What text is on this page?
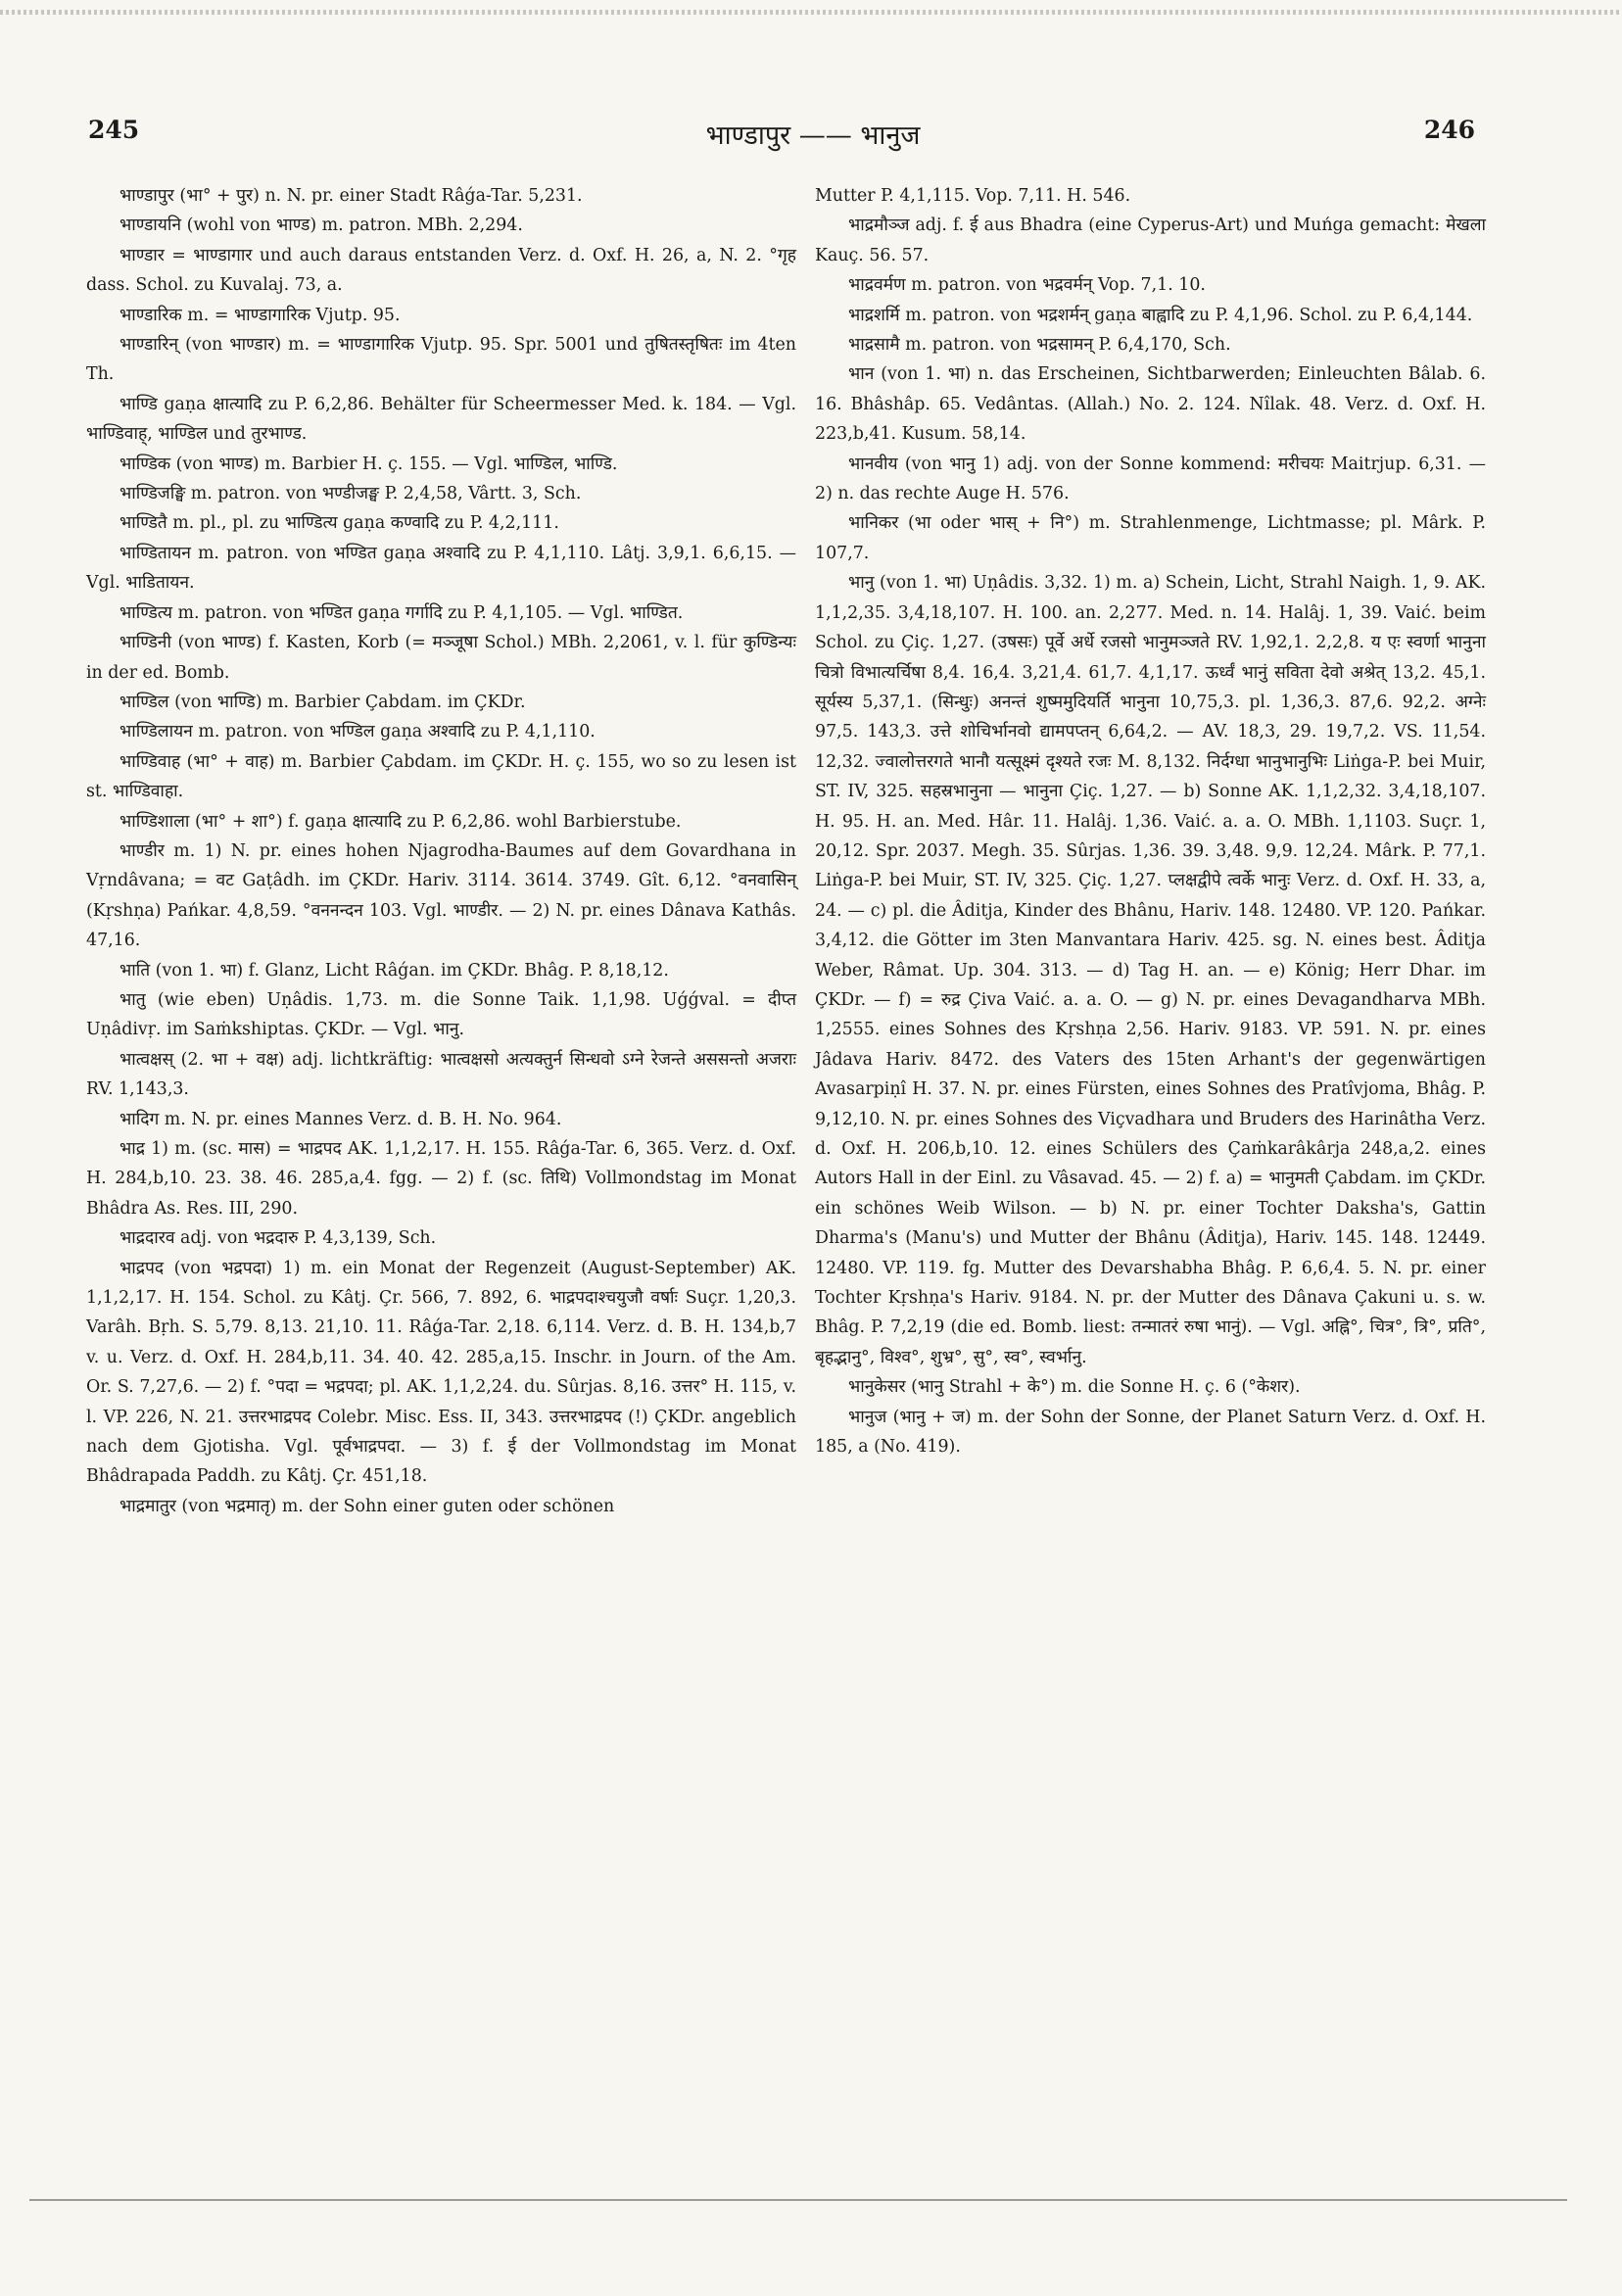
245	भाण्डापुर —— भानुज	246

भाण्डापुर (भा° + पुर) n. N. pr. einer Stadt Râǵa-Tar. 5,231.

भाण्डायनि (wohl von भाण्ड) m. patron. MBh. 2,294.

भाण्डार = भाण्डागार und auch daraus entstanden Verz. d. Oxf. H. 26, a, N. 2. °गृह dass. Schol. zu Kuvalaj. 73, a.

भाण्डारिक m. = भाण्डागारिक Vjutp. 95.

भाण्डारिन् (von भाण्डार) m. = भाण्डागारिक Vjutp. 95. Spr. 5001 und तुषितस्तृषितः im 4ten Th.

भाण्डि gaṇa क्षात्यादि zu P. 6,2,86. Behälter für Scheermesser Med. k. 184. — Vgl. भाण्डिवाह्, भाण्डिल und तुरभाण्ड.

भाण्डिक (von भाण्ड) m. Barbier H. ç. 155. — Vgl. भाण्डिल, भाण्डि.

भाण्डिजङ्घि m. patron. von भण्डीजङ्घ P. 2,4,58, Vârtt. 3, Sch.

भाण्डितै m. pl., pl. zu भाण्डित्य gaṇa कण्वादि zu P. 4,2,111.

भाण्डितायन m. patron. von भण्डित gaṇa अश्वादि zu P. 4,1,110. Lâtj. 3,9,1. 6,6,15. — Vgl. भाडितायन.

भाण्डित्य m. patron. von भण्डित gaṇa गर्गादि zu P. 4,1,105. — Vgl. भाण्डित.

भाण्डिनी (von भाण्ड) f. Kasten, Korb (= मञ्जूषा Schol.) MBh. 2,2061, v. l. für कुण्डिन्यः in der ed. Bomb.

भाण्डिल (von भाण्डि) m. Barbier Çabdam. im ÇKDr.

भाण्डिलायन m. patron. von भण्डिल gaṇa अश्वादि zu P. 4,1,110.

भाण्डिवाह (भा° + वाह) m. Barbier Çabdam. im ÇKDr. H. ç. 155, wo so zu lesen ist st. भाण्डिवाहा.

भाण्डिशाला (भा° + शा°) f. gaṇa क्षात्यादि zu P. 6,2,86. wohl Barbierstube.

भाण्डीर m. 1) N. pr. eines hohen Njagrodha-Baumes auf dem Govardhana in Vṛndâvana; = वट Gaṭâdh. im ÇKDr. Hariv. 3114. 3614. 3749. Gît. 6,12. °वनवासिन् (Kṛshṇa) Pańkar. 4,8,59. °वननन्दन 103. Vgl. भाण्डीर. — 2) N. pr. eines Dânava Kathâs. 47,16.

भाति (von 1. भा) f. Glanz, Licht Râǵan. im ÇKDr. Bhâg. P. 8,18,12.

भातु (wie eben) Uṇâdis. 1,73. m. die Sonne Taik. 1,1,98. Uǵǵval. = दीप्त Uṇâdivṛ. im Saṁkshiptas. ÇKDr. — Vgl. भानु.

भात्वक्षस् (2. भा + वक्ष) adj. lichtkräftig: भात्वक्षसो अत्यक्तुर्न सिन्धवो ऽग्ने रेजन्ते अससन्तो अजराः RV. 1,143,3.

भादिग m. N. pr. eines Mannes Verz. d. B. H. No. 964.

भाद्र 1) m. (sc. मास) = भाद्रपद AK. 1,1,2,17. H. 155. Râǵa-Tar. 6, 365. Verz. d. Oxf. H. 284,b,10. 23. 38. 46. 285,a,4. fgg. — 2) f. (sc. तिथि) Vollmondstag im Monat Bhâdra As. Res. III, 290.

भाद्रदारव adj. von भद्रदारु P. 4,3,139, Sch.

भाद्रपद (von भद्रपदा) 1) m. ein Monat der Regenzeit (August-September) AK. 1,1,2,17. H. 154. Schol. zu Kâtj. Çr. 566, 7. 892, 6. भाद्रपदाश्चयुजौ वर्षाः Suçr. 1,20,3. Varâh. Bṛh. S. 5,79. 8,13. 21,10. 11. Râǵa-Tar. 2,18. 6,114. Verz. d. B. H. 134,b,7 v. u. Verz. d. Oxf. H. 284,b,11. 34. 40. 42. 285,a,15. Inschr. in Journ. of the Am. Or. S. 7,27,6. — 2) f. °पदा = भद्रपदा; pl. AK. 1,1,2,24. du. Sûrjas. 8,16. उत्तर° H. 115, v. l. VP. 226, N. 21. उत्तरभाद्रपद Colebr. Misc. Ess. II, 343. उत्तरभाद्रपद (!) ÇKDr. angeblich nach dem Gjotisha. Vgl. पूर्वभाद्रपदा. — 3) f. ई der Vollmondstag im Monat Bhâdrapada Paddh. zu Kâtj. Çr. 451,18.

भाद्रमातुर (von भद्रमातृ) m. der Sohn einer guten oder schönen

Mutter P. 4,1,115. Vop. 7,11. H. 546.

भाद्रमौञ्ज adj. f. ई aus Bhadra (eine Cyperus-Art) und Muńga gemacht: मेखला Kauç. 56. 57.

भाद्रवर्मण m. patron. von भद्रवर्मन् Vop. 7,1. 10.

भाद्रशर्मि m. patron. von भद्रशर्मन् gaṇa बाह्वादि zu P. 4,1,96. Schol. zu P. 6,4,144.

भाद्रसामै m. patron. von भद्रसामन् P. 6,4,170, Sch.

भान (von 1. भा) n. das Erscheinen, Sichtbarwerden; Einleuchten Bâlab. 6. 16. Bhâshâp. 65. Vedântas. (Allah.) No. 2. 124. Nîlak. 48. Verz. d. Oxf. H. 223,b,41. Kusum. 58,14.

भानवीय (von भानु 1) adj. von der Sonne kommend: मरीचयः Maitrjup. 6,31. — 2) n. das rechte Auge H. 576.

भानिकर (भा oder भास् + नि°) m. Strahlenmenge, Lichtmasse; pl. Mârk. P. 107,7.

भानु (von 1. भा) Uṇâdis. 3,32. 1) m. a) Schein, Licht, Strahl Naigh. 1, 9. AK. 1,1,2,35. 3,4,18,107. H. 100. an. 2,277. Med. n. 14. Halâj. 1, 39. Vaić. beim Schol. zu Çiç. 1,27. (उषसः) पूर्वे अर्धे रजसो भानुमञ्जते RV. 1,92,1. 2,2,8. य एः स्वर्णा भानुना चित्रो विभात्यर्चिषा 8,4. 16,4. 3,21,4. 61,7. 4,1,17. ऊर्ध्वं भानुं सविता देवो अश्रेत् 13,2. 45,1. सूर्यस्य 5,37,1. (सिन्धुः) अनन्तं शुष्ममुदियर्ति भानुना 10,75,3. pl. 1,36,3. 87,6. 92,2. अग्नेः 97,5. 143,3. उत्ते शोचिर्भानवो द्यामपप्तन् 6,64,2. — AV. 18,3, 29. 19,7,2. VS. 11,54. 12,32. ज्वालोत्तरगते भानौ यत्सूक्ष्मं दृश्यते रजः M. 8,132. निर्दग्धा भानुभानुभिः Liṅga-P. bei Muir, ST. IV, 325. सहस्रभानुना — भानुना Çiç. 1,27. — b) Sonne AK. 1,1,2,32. 3,4,18,107. H. 95. H. an. Med. Hâr. 11. Halâj. 1,36. Vaić. a. a. O. MBh. 1,1103. Suçr. 1, 20,12. Spr. 2037. Megh. 35. Sûrjas. 1,36. 39. 3,48. 9,9. 12,24. Mârk. P. 77,1. Liṅga-P. bei Muir, ST. IV, 325. Çiç. 1,27. प्लक्षद्वीपे त्वर्के भानुः Verz. d. Oxf. H. 33, a, 24. — c) pl. die Âditja, Kinder des Bhânu, Hariv. 148. 12480. VP. 120. Pańkar. 3,4,12. die Götter im 3ten Manvantara Hariv. 425. sg. N. eines best. Âditja Weber, Râmat. Up. 304. 313. — d) Tag H. an. — e) König; Herr Dhar. im ÇKDr. — f) = रुद्र Çiva Vaić. a. a. O. — g) N. pr. eines Devagandharva MBh. 1,2555. eines Sohnes des Kṛshṇa 2,56. Hariv. 9183. VP. 591. N. pr. eines Jâdava Hariv. 8472. des Vaters des 15ten Arhant's der gegenwärtigen Avasarpiṇî H. 37. N. pr. eines Fürsten, eines Sohnes des Pratîvjoma, Bhâg. P. 9,12,10. N. pr. eines Sohnes des Viçvadhara und Bruders des Harinâtha Verz. d. Oxf. H. 206,b,10. 12. eines Schülers des Çaṁkarâkârja 248,a,2. eines Autors Hall in der Einl. zu Vâsavad. 45. — 2) f. a) = भानुमती Çabdam. im ÇKDr. ein schönes Weib Wilson. — b) N. pr. einer Tochter Daksha's, Gattin Dharma's (Manu's) und Mutter der Bhânu (Âditja), Hariv. 145. 148. 12449. 12480. VP. 119. fg. Mutter des Devarshabha Bhâg. P. 6,6,4. 5. N. pr. einer Tochter Kṛshṇa's Hariv. 9184. N. pr. der Mutter des Dânava Çakuni u. s. w. Bhâg. P. 7,2,19 (die ed. Bomb. liest: तन्मातरं रुषा भानुं). — Vgl. अह्नि°, चित्र°, त्रि°, प्रति°, बृहद्भानु°, विश्व°, शुभ्र°, सु°, स्व°, स्वर्भानु.

भानुकेसर (भानु Strahl + के°) m. die Sonne H. ç. 6 (°केशर).

भानुज (भानु + ज) m. der Sohn der Sonne, der Planet Saturn Verz. d. Oxf. H. 185, a (No. 419).
